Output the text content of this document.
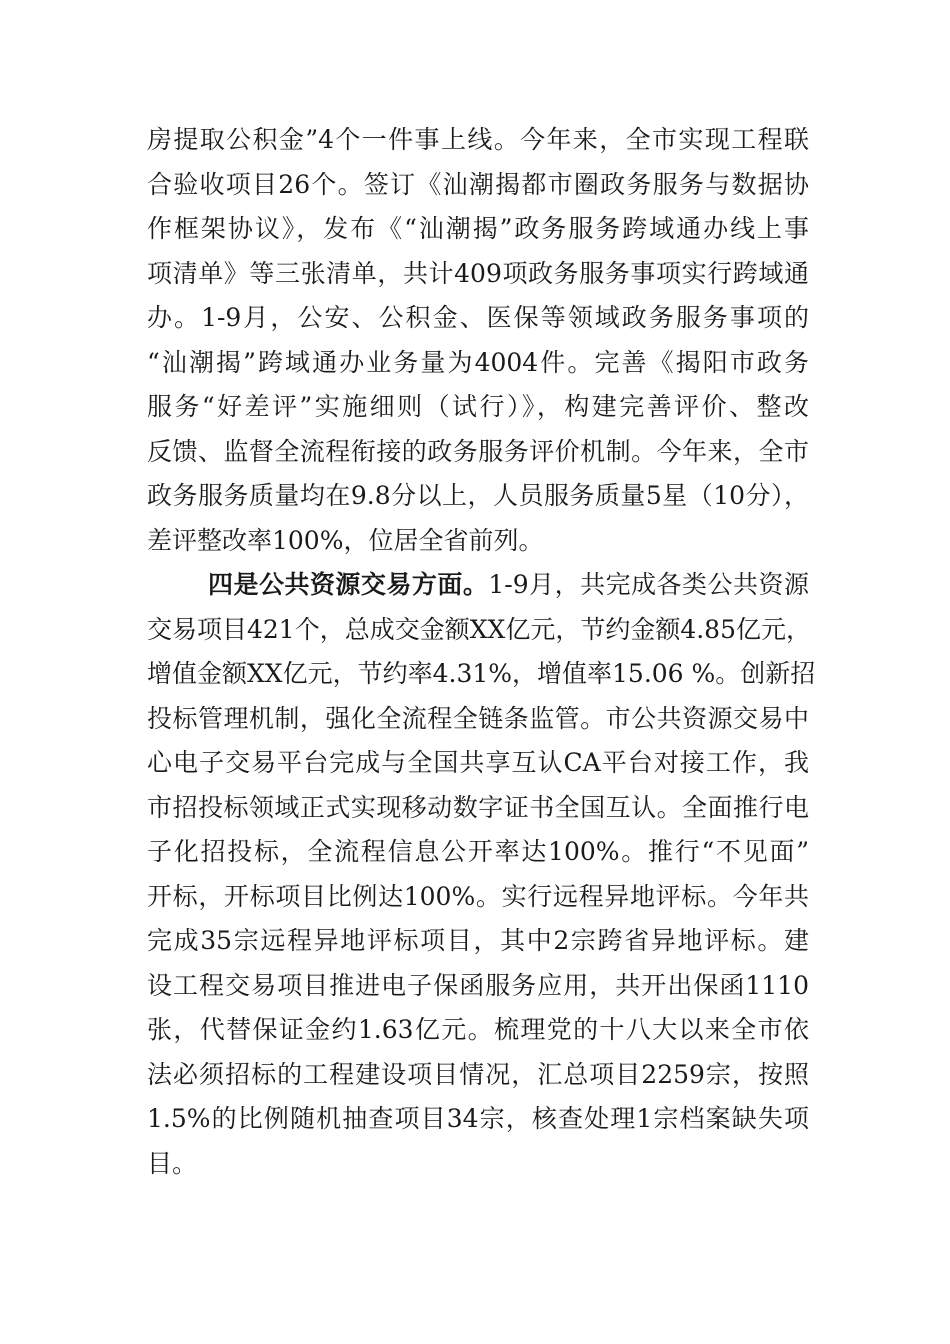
房提取公积金”4个一件事上线。今年来，全市实现工程联
合验收项目26个。签订《汕潮揭都市圈政务服务与数据协
作框架协议》，发布《“汕潮揭”政务服务跨域通办线上事
项清单》等三张清单，共计409项政务服务事项实行跨域通
办。1-9月，公安、公积金、医保等领域政务服务事项的
“汕潮揭”跨域通办业务量为4004件。完善《揭阳市政务
服务“好差评”实施细则（试行）》，构建完善评价、整改
反馈、监督全流程衔接的政务服务评价机制。今年来，全市
政务服务质量均在9.8分以上，人员服务质量5星（10分），
差评整改率100%，位居全省前列。
四是公共资源交易方面。1-9月，共完成各类公共资源
交易项目421个，总成交金额XX亿元，节约金额4.85亿元，
增值金额XX亿元，节约率4.31%，增值率15.06 %。创新招
投标管理机制，强化全流程全链条监管。市公共资源交易中
心电子交易平台完成与全国共享互认CA平台对接工作，我
市招投标领域正式实现移动数字证书全国互认。全面推行电
子化招投标，全流程信息公开率达100%。推行“不见面”
开标，开标项目比例达100%。实行远程异地评标。今年共
完成35宗远程异地评标项目，其中2宗跨省异地评标。建
设工程交易项目推进电子保函服务应用，共开出保函1110
张，代替保证金约1.63亿元。梳理党的十八大以来全市依
法必须招标的工程建设项目情况，汇总项目2259宗，按照
1.5%的比例随机抽查项目34宗，核查处理1宗档案缺失项
目。
